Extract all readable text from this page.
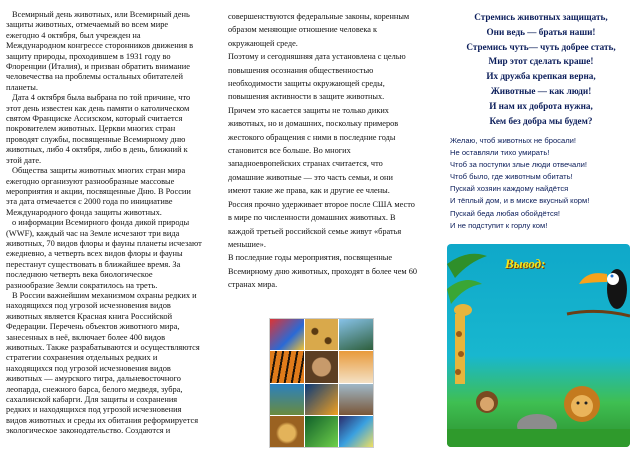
Всемирный день животных, или Всемирный день защиты животных, отмечаемый во всем мире ежегодно 4 октября, был учрежден на Международном конгрессе сторонников движения в защиту природы, проходившем в 1931 году во Флоренции (Италия), и призван обратить внимание человечества на проблемы остальных обитателей планеты.

Дата 4 октября была выбрана по той причине, что этот день известен как день памяти о католическом святом Франциске Ассизском, который считается покровителем животных. Церкви многих стран проводят службы, посвященные Всемирному дню животных, либо 4 октября, либо в день, ближний к этой дате.

Общества защиты животных многих стран мира ежегодно организуют разнообразные массовые мероприятия и акции, посвященные Дню. В России эта дата отмечается с 2000 года по инициативе Международного фонда защиты животных.

о информации Всемирного фонда дикой природы (WWF), каждый час на Земле исчезают три вида животных, 70 видов флоры и фауны планеты исчезают ежедневно, а четверть всех видов флоры и фауны перестанут существовать в ближайшее время. За последнюю четверть века биологическое разнообразие Земли сократилось на треть.

В России важнейшим механизмом охраны редких и находящихся под угрозой исчезновения видов животных является Красная книга Российской Федерации. Перечень объектов животного мира, занесенных в неё, включает более 400 видов животных. Также разрабатываются и осуществляются стратегии сохранения отдельных редких и находящихся под угрозой исчезновения видов животных — амурского тигра, дальневосточного леопарда, снежного барса, белого медведя, зубра, сахалинской кабарги. Для защиты и сохранения редких и находящихся под угрозой исчезновения видов животных и среды их обитания реформируется экологическое законодательство. Создаются и

совершенствуются федеральные законы, коренным образом меняющие отношение человека к окружающей среде.

Поэтому и сегодняшняя дата установлена с целью повышения осознания общественностью необходимости защиты окружающей среды, повышения активности в защите животных.

Причем это касается защиты не только диких животных, но и домашних, поскольку примеров жестокого обращения с ними в последние годы становится все больше. Во многих западноевропейских странах считается, что домашние животные — это часть семьи, и они имеют такие же права, как и другие ее члены.

Россия прочно удерживает второе после США место в мире по численности домашних животных. В каждой третьей российской семье живут «братья меньшие».

В последние годы мероприятия, посвященные Всемирному дню животных, проходят в более чем 60 странах мира.

Стремись животных защищать,

Они ведь — братья наши!

Стремись чуть— чуть добрее стать,

Мир этот сделать краше!

Их дружба крепкая верна,

Животные — как люди!

И нам их доброта нужна,

Кем без добра мы будем?

Желаю, чтоб животных не бросали!

Не оставляли тихо умирать!

Чтоб за поступки злые люди отвечали!

Чтоб было, где животным обитать!

Пускай хозяин каждому найдётся

И тёплый дом, и в миске вкусный корм!

Пускай беда любая обойдётся!

И не подступит к горлу ком!

Вывод:
